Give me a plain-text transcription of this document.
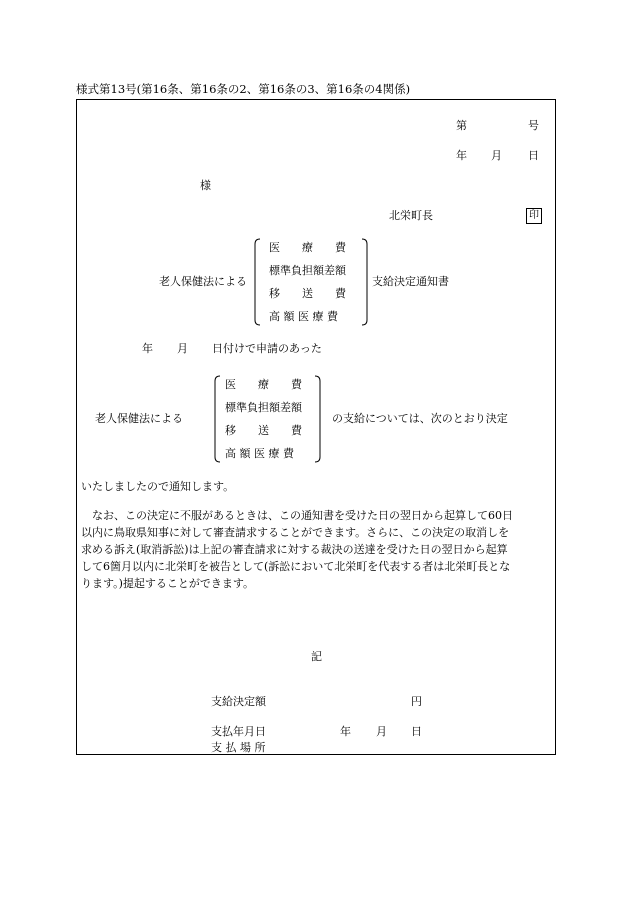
様式第13号(第16条、第16条の2、第16条の3、第16条の4関係)
第	号
年 月 日
様
北栄町長	印
老人保健法による
医　　療　　費
標準負担額差額
移　　送　　費
高 額 医 療 費
支給決定通知書
年 月 日付けで申請のあった
老人保健法による
医　　療　　費
標準負担額差額
移　　送　　費
高 額 医 療 費
の支給については、次のとおり決定
いたしましたので通知します。
　なお、この決定に不服があるときは、この通知書を受けた日の翌日から起算して60日
以内に鳥取県知事に対して審査請求することができます。さらに、この決定の取消しを
求める訴え(取消訴訟)は上記の審査請求に対する裁決の送達を受けた日の翌日から起算
して6箇月以内に北栄町を被告として(訴訟において北栄町を代表する者は北栄町長とな
ります。)提起することができます。
記
支給決定額	円
支払年月日	年 月 日
支 払 場 所
